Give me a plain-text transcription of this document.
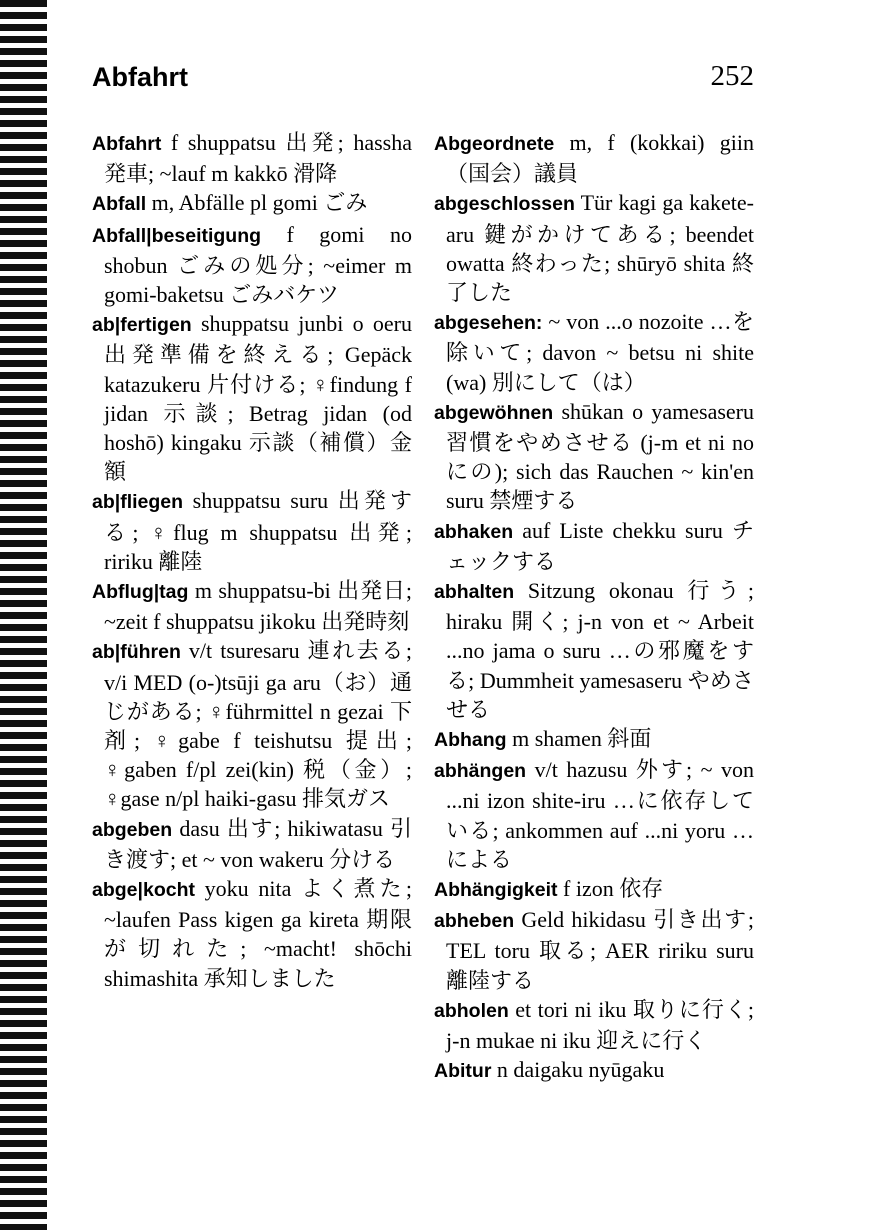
Abfahrt	252

Abfahrt f shuppatsu 出発; hassha 発車; ~lauf m kakkō 滑降

Abfall m, Abfälle pl gomi ごみ

Abfall|beseitigung f gomi no shobun ごみの処分; ~eimer m gomi-baketsu ごみバケツ

ab|fertigen shuppatsu junbi o oeru 出発準備を終える; Gepäck katazukeru 片付ける; ♀findung f jidan 示談; Betrag jidan (od hoshō) kingaku 示談（補償）金額

ab|fliegen shuppatsu suru 出発する; ♀flug m shuppatsu 出発; ririku 離陸

Abflug|tag m shuppatsu-bi 出発日; ~zeit f shuppatsu jikoku 出発時刻

ab|führen v/t tsuresaru 連れ去る; v/i MED (o-)tsūji ga aru（お）通じがある; ♀führmittel n gezai 下剤; ♀gabe f teishutsu 提出; ♀gaben f/pl zei(kin) 税（金）; ♀gase n/pl haiki-gasu 排気ガス

abgeben dasu 出す; hikiwatasu 引き渡す; et ~ von wakeru 分ける

abge|kocht yoku nita よく煮た; ~laufen Pass kigen ga kireta 期限が切れた; ~macht! shōchi shimashita 承知しました

Abgeordnete m, f (kokkai) giin（国会）議員

abgeschlossen Tür kagi ga kakete-aru 鍵がかけてある; beendet owatta 終わった; shūryō shita 終了した

abgesehen: ~ von ...o nozoite …を除いて; davon ~ betsu ni shite (wa) 別にして（は）

abgewöhnen shūkan o yamesaseru 習慣をやめさせる (j-m et ni no にの); sich das Rauchen ~ kin'en suru 禁煙する

abhaken auf Liste chekku suru チェックする

abhalten Sitzung okonau 行う; hiraku 開く; j-n von et ~ Arbeit ...no jama o suru …の邪魔をする; Dummheit yamesaseru やめさせる

Abhang m shamen 斜面

abhängen v/t hazusu 外す; ~ von ...ni izon shite-iru …に依存している; ankommen auf ...ni yoru …による

Abhängigkeit f izon 依存

abheben Geld hikidasu 引き出す; TEL toru 取る; AER ririku suru 離陸する

abholen et tori ni iku 取りに行く; j-n mukae ni iku 迎えに行く

Abitur n daigaku nyūgaku
